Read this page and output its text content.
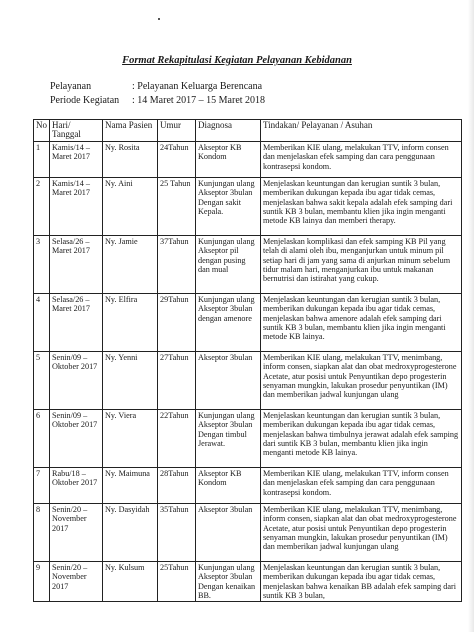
Format Rekapitulasi Kegiatan Pelayanan Kebidanan
Pelayanan	: Pelayanan Keluarga Berencana
Periode Kegiatan : 14 Maret 2017 – 15 Maret 2018
No	Hari/ Tanggal	Nama Pasien	Umur	Diagnosa	Tindakan/ Pelayanan / Asuhan
1	Kamis/14 – Maret 2017	Ny. Rosita	24Tahun	Akseptor KB Kondom	Memberikan KIE ulang, melakukan TTV, inform consen dan menjelaskan efek samping dan cara penggunaan kontrasepsi kondom.
2	Kamis/14 – Maret 2017	Ny. Aini	25 Tahun	Kunjungan ulang Akseptor 3bulan Dengan sakit Kepala.	Menjelaskan keuntungan dan kerugian suntik 3 bulan, memberikan dukungan kepada ibu agar tidak cemas, menjelaskan bahwa sakit kepala adalah efek samping dari suntik KB 3 bulan, membantu klien jika ingin menganti metode KB lainya dan memberi therapy.
3	Selasa/26 – Maret 2017	Ny. Jamie	37Tahun	Kunjungan ulang Akseptor pil dengan pusing dan mual	Menjelaskan komplikasi dan efek samping KB Pil yang telah di alami oleh ibu, menganjurkan untuk minum pil setiap hari di jam yang sama di anjurkan minum sebelum tidur malam hari, menganjurkan ibu untuk makanan bernutrisi dan istirahat yang cukup.
4	Selasa/26 – Maret 2017	Ny. Elfira	29Tahun	Kunjungan ulang Akseptor 3bulan dengan amenore	Menjelaskan keuntungan dan kerugian suntik 3 bulan, memberikan dukungan kepada ibu agar tidak cemas, menjelaskan bahwa amenore adalah efek samping dari suntik KB 3 bulan, membantu klien jika ingin menganti metode KB lainya.
5	Senin/09 – Oktober 2017	Ny. Yenni	27Tahun	Akseptor 3bulan	Memberikan KIE ulang, melakukan TTV, menimbang, inform consen, siapkan alat dan obat medroxyprogesterone Acetate, atur posisi untuk Penyuntikan depo progesterin senyaman mungkin, lakukan prosedur penyuntikan (IM) dan memberikan jadwal kunjungan ulang
6	Senin/09 – Oktober 2017	Ny. Viera	22Tahun	Kunjungan ulang Akseptor 3bulan Dengan timbul Jerawat.	Menjelaskan keuntungan dan kerugian suntik 3 bulan, memberikan dukungan kepada ibu agar tidak cemas, menjelaskan bahwa timbulnya jerawat adalah efek samping dari suntik KB 3 bulan, membantu klien jika ingin menganti metode KB lainya.
7	Rabu/18 – Oktober 2017	Ny. Maimuna	28Tahun	Akseptor KB Kondom	Memberikan KIE ulang, melakukan TTV, inform consen dan menjelaskan efek samping dan cara penggunaan kontrasepsi kondom.
8	Senin/20 – November 2017	Ny. Dasyidah	35Tahun	Akseptor 3bulan	Memberikan KIE ulang, melakukan TTV, menimbang, inform consen, siapkan alat dan obat medroxyprogesterone Acetate, atur posisi untuk Penyuntikan depo progesterin senyaman mungkin, lakukan prosedur penyuntikan (IM) dan memberikan jadwal kunjungan ulang
9	Senin/20 – November 2017	Ny. Kulsum	25Tahun	Kunjungan ulang Akseptor 3bulan Dengan kenaikan BB.	Menjelaskan keuntungan dan kerugian suntik 3 bulan, memberikan dukungan kepada ibu agar tidak cemas, menjelaskan bahwa kenaikan BB adalah efek samping dari suntik KB 3 bulan,
